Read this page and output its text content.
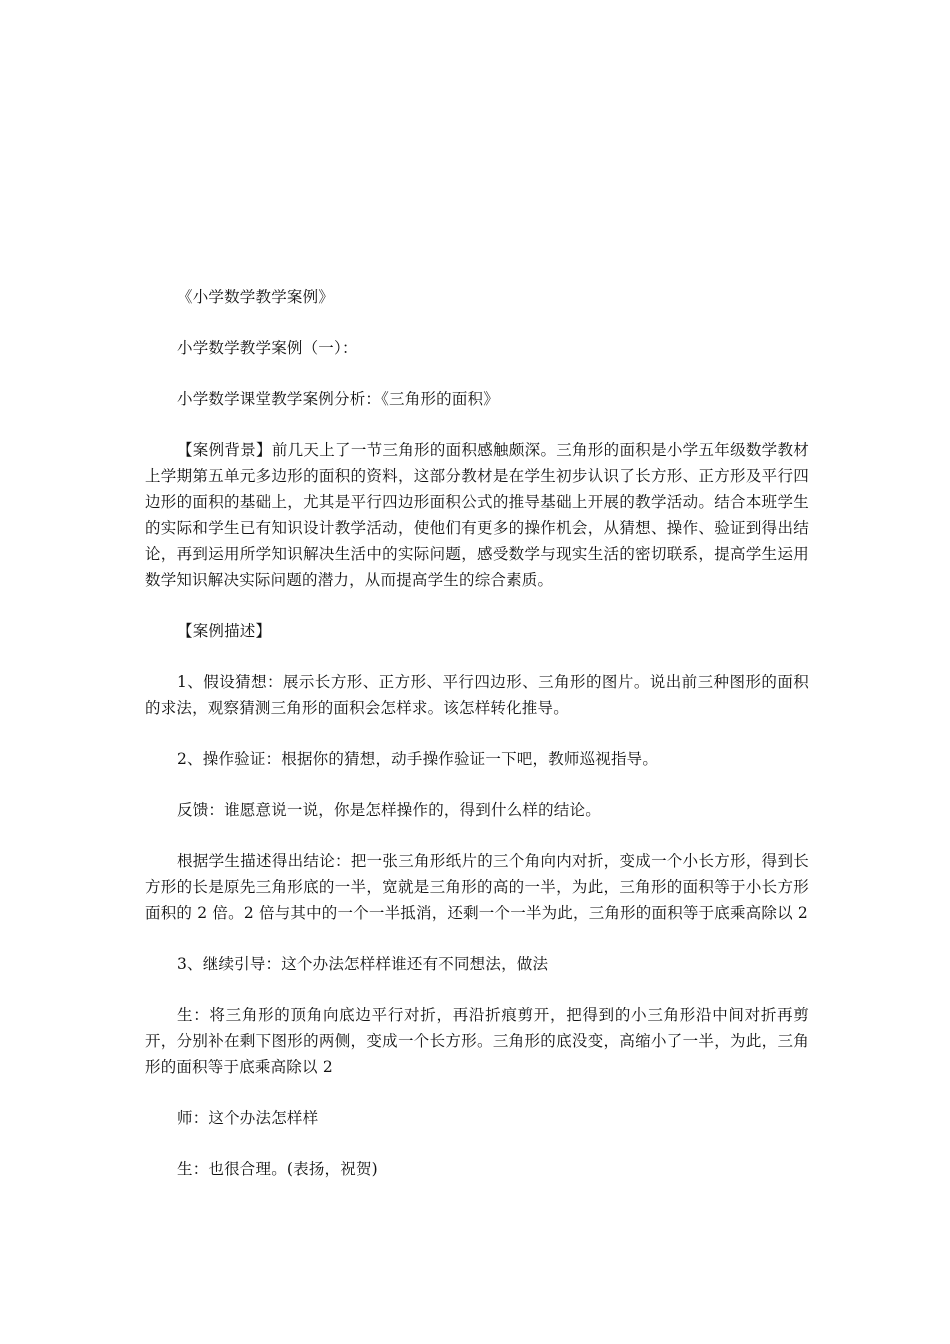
《小学数学教学案例》

小学数学教学案例（一）：

小学数学课堂教学案例分析：《三角形的面积》

【案例背景】前几天上了一节三角形的面积感触颇深。三角形的面积是小学五年级数学教材上学期第五单元多边形的面积的资料，这部分教材是在学生初步认识了长方形、正方形及平行四边形的面积的基础上，尤其是平行四边形面积公式的推导基础上开展的教学活动。结合本班学生的实际和学生已有知识设计教学活动，使他们有更多的操作机会，从猜想、操作、验证到得出结论，再到运用所学知识解决生活中的实际问题，感受数学与现实生活的密切联系，提高学生运用数学知识解决实际问题的潜力，从而提高学生的综合素质。

【案例描述】

1、假设猜想：展示长方形、正方形、平行四边形、三角形的图片。说出前三种图形的面积的求法，观察猜测三角形的面积会怎样求。该怎样转化推导。

2、操作验证：根据你的猜想，动手操作验证一下吧，教师巡视指导。

反馈：谁愿意说一说，你是怎样操作的，得到什么样的结论。

根据学生描述得出结论：把一张三角形纸片的三个角向内对折，变成一个小长方形，得到长方形的长是原先三角形底的一半，宽就是三角形的高的一半，为此，三角形的面积等于小长方形面积的 2 倍。2 倍与其中的一个一半抵消，还剩一个一半为此，三角形的面积等于底乘高除以 2

3、继续引导：这个办法怎样样谁还有不同想法，做法

生：将三角形的顶角向底边平行对折，再沿折痕剪开，把得到的小三角形沿中间对折再剪开，分别补在剩下图形的两侧，变成一个长方形。三角形的底没变，高缩小了一半，为此，三角形的面积等于底乘高除以 2

师：这个办法怎样样

生：也很合理。(表扬，祝贺)
